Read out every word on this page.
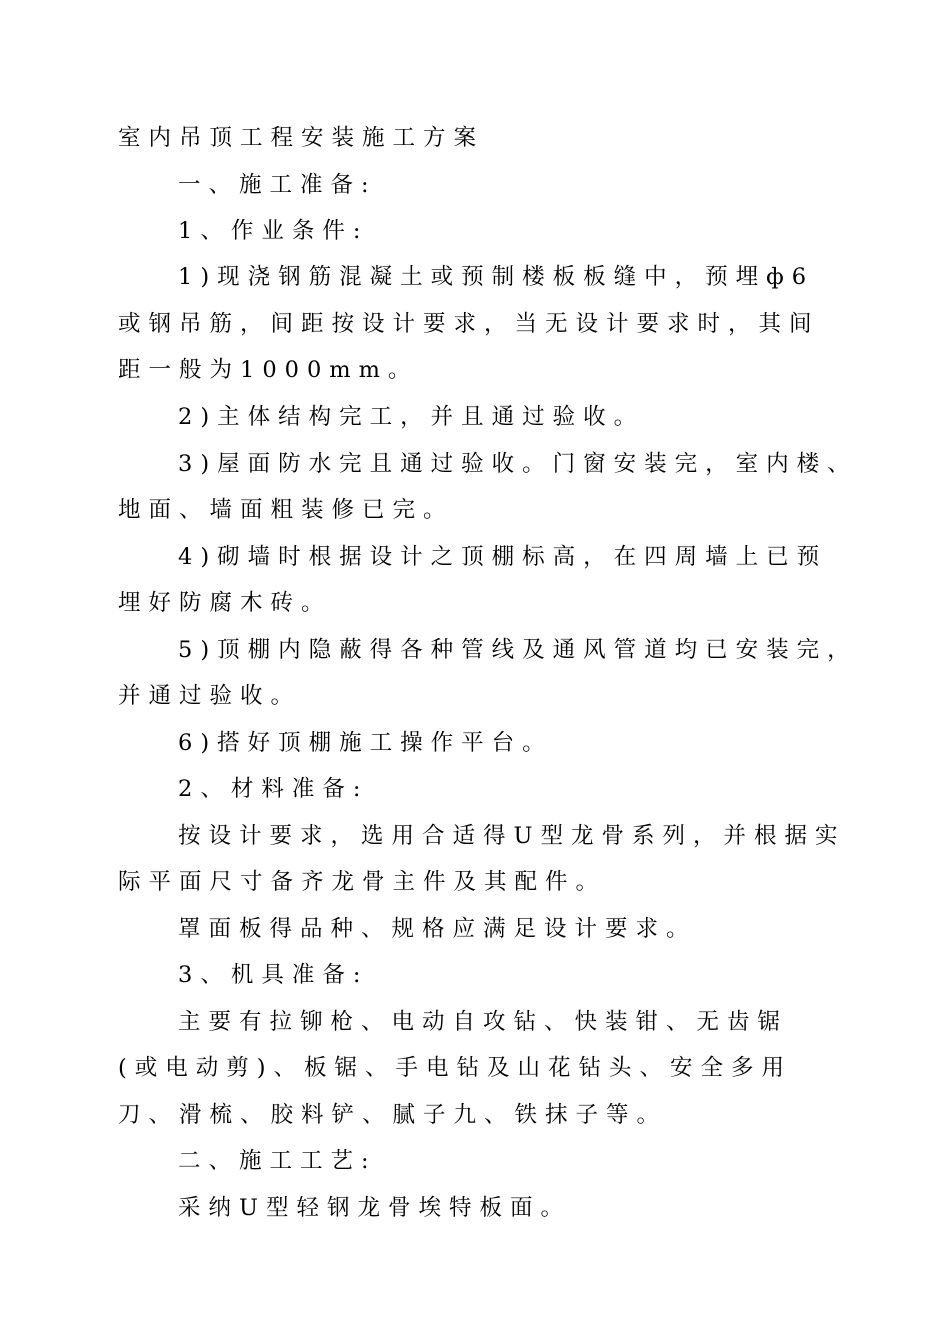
室内吊顶工程安装施工方案
一、施工准备:
1、作业条件:
1)现浇钢筋混凝土或预制楼板板缝中，预埋ф6
或钢吊筋，间距按设计要求，当无设计要求时，其间
距一般为1000mm。
2)主体结构完工，并且通过验收。
3)屋面防水完且通过验收。门窗安装完，室内楼、
地面、墙面粗装修已完。
4)砌墙时根据设计之顶棚标高，在四周墙上已预
埋好防腐木砖。
5)顶棚内隐蔽得各种管线及通风管道均已安装完，
并通过验收。
6)搭好顶棚施工操作平台。
2、材料准备:
按设计要求，选用合适得U型龙骨系列，并根据实
际平面尺寸备齐龙骨主件及其配件。
罩面板得品种、规格应满足设计要求。
3、机具准备:
主要有拉铆枪、电动自攻钻、快装钳、无齿锯
(或电动剪)、板锯、手电钻及山花钻头、安全多用
刀、滑梳、胶料铲、腻子九、铁抹子等。
二、施工工艺:
采纳U型轻钢龙骨埃特板面。
